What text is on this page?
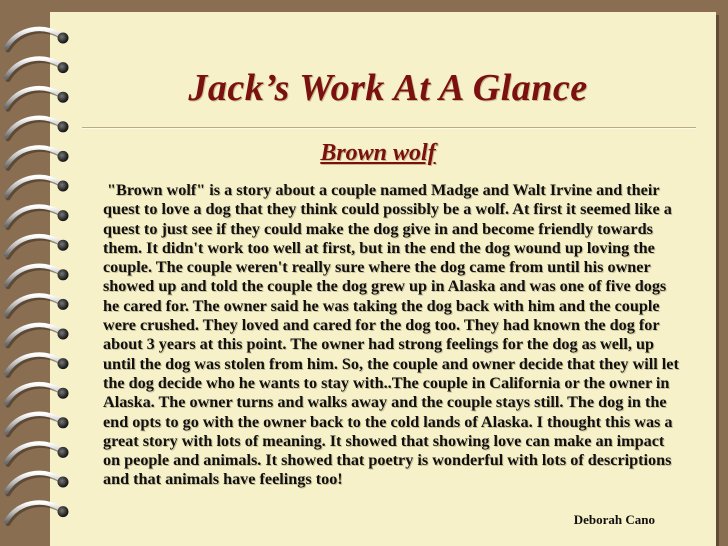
Jack’s Work At A Glance
Brown wolf

"Brown wolf" is a story about a couple named Madge and Walt Irvine and their quest to love a dog that they think could possibly be a wolf. At first it seemed like a quest to just see if they could make the dog give in and become friendly towards them. It didn't work too well at first, but in the end the dog wound up loving the couple. The couple weren't really sure where the dog came from until his owner showed up and told the couple the dog grew up in Alaska and was one of five dogs he cared for. The owner said he was taking the dog back with him and the couple were crushed. They loved and cared for the dog too. They had known the dog for about 3 years at this point. The owner had strong feelings for the dog as well, up until the dog was stolen from him. So, the couple and owner decide that they will let the dog decide who he wants to stay with..The couple in California or the owner in Alaska. The owner turns and walks away and the couple stays still. The dog in the end opts to go with the owner back to the cold lands of Alaska. I thought this was a great story with lots of meaning. It showed that showing love can make an impact on people and animals. It showed that poetry is wonderful with lots of descriptions and that animals have feelings too!

Deborah Cano
